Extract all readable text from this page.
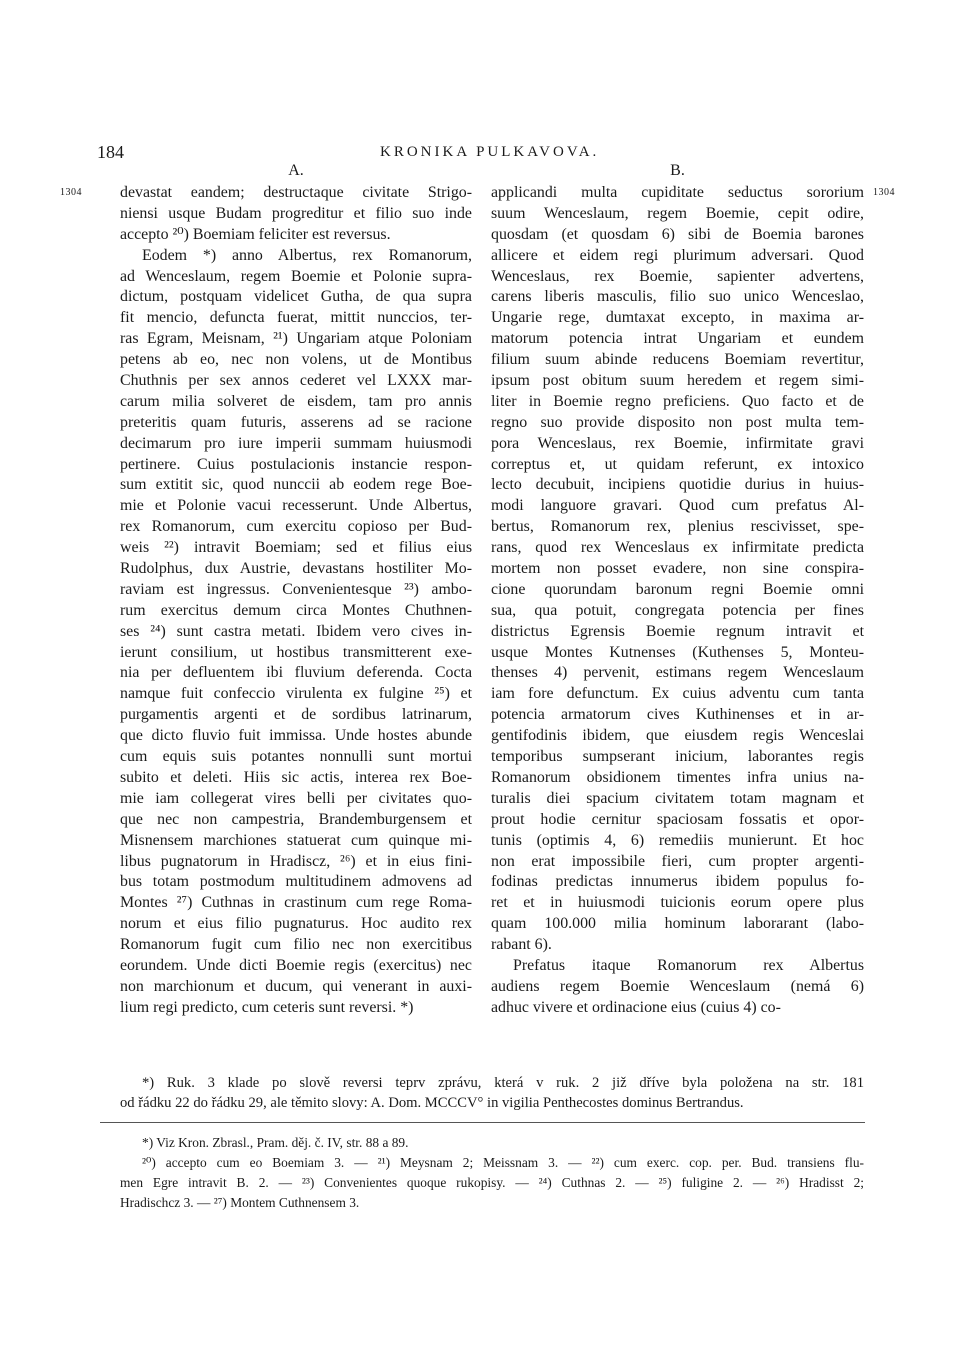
184	KRONIKA PULKAVOVA.
1304	1304
A.
devastat eandem; destructaque civitate Strigo-
niensi usque Budam progreditur et filio suo inde
accepto ²⁰) Boemiam feliciter est reversus.
Eodem *) anno Albertus, rex Romanorum,
ad Wenceslaum, regem Boemie et Polonie supra-
dictum, postquam videlicet Gutha, de qua supra
fit mencio, defuncta fuerat, mittit nunccios, ter-
ras Egram, Meisnam, ²¹) Ungariam atque Poloniam
petens ab eo, nec non volens, ut de Montibus
Chuthnis per sex annos cederet vel LXXX mar-
carum milia solveret de eisdem, tam pro annis
preteritis quam futuris, asserens ad se racione
decimarum pro iure imperii summam huiusmodi
pertinere. Cuius postulacionis instancie respon-
sum extitit sic, quod nunccii ab eodem rege Boe-
mie et Polonie vacui recesserunt. Unde Albertus,
rex Romanorum, cum exercitu copioso per Bud-
weis ²²) intravit Boemiam; sed et filius eius
Rudolphus, dux Austrie, devastans hostiliter Mo-
raviam est ingressus. Convenientesque ²³) ambo-
rum exercitus demum circa Montes Chuthnen-
ses ²⁴) sunt castra metati. Ibidem vero cives in-
ierunt consilium, ut hostibus transmitterent exe-
nia per defluentem ibi fluvium deferenda. Cocta
namque fuit confeccio virulenta ex fulgine ²⁵) et
purgamentis argenti et de sordibus latrinarum,
que dicto fluvio fuit immissa. Unde hostes abunde
cum equis suis potantes nonnulli sunt mortui
subito et deleti. Hiis sic actis, interea rex Boe-
mie iam collegerat vires belli per civitates quo-
que nec non campestria, Brandemburgensem et
Misnensem marchiones statuerat cum quinque mi-
libus pugnatorum in Hradiscz, ²⁶) et in eius fini-
bus totam postmodum multitudinem admovens ad
Montes ²⁷) Cuthnas in crastinum cum rege Roma-
norum et eius filio pugnaturus. Hoc audito rex
Romanorum fugit cum filio nec non exercitibus
eorundem. Unde dicti Boemie regis (exercitus) nec
non marchionum et ducum, qui venerant in auxi-
lium regi predicto, cum ceteris sunt reversi. *)
B.
applicandi multa cupiditate seductus sororium
suum Wenceslaum, regem Boemie, cepit odire,
quosdam (et quosdam 6) sibi de Boemia barones
allicere et eidem regi plurimum adversari. Quod
Wenceslaus, rex Boemie, sapienter advertens,
carens liberis masculis, filio suo unico Wenceslao,
Ungarie rege, dumtaxat excepto, in maxima ar-
matorum potencia intrat Ungariam et eundem
filium suum abinde reducens Boemiam revertitur,
ipsum post obitum suum heredem et regem simi-
liter in Boemie regno preficiens. Quo facto et de
regno suo provide disposito non post multa tem-
pora Wenceslaus, rex Boemie, infirmitate gravi
correptus et, ut quidam referunt, ex intoxico
lecto decubuit, incipiens quotidie durius in huius-
modi languore gravari. Quod cum prefatus Al-
bertus, Romanorum rex, plenius rescivisset, spe-
rans, quod rex Wenceslaus ex infirmitate predicta
mortem non posset evadere, non sine conspira-
cione quorundam baronum regni Boemie omni
sua, qua potuit, congregata potencia per fines
districtus Egrensis Boemie regnum intravit et
usque Montes Kutnenses (Kuthenses 5, Monteu-
thenses 4) pervenit, estimans regem Wenceslaum
iam fore defunctum. Ex cuius adventu cum tanta
potencia armatorum cives Kuthinenses et in ar-
gentifodinis ibidem, que eiusdem regis Wenceslai
temporibus sumpserant inicium, laborantes regis
Romanorum obsidionem timentes infra unius na-
turalis diei spacium civitatem totam magnam et
prout hodie cernitur spaciosam fossatis et opor-
tunis (optimis 4, 6) remediis munierunt. Et hoc
non erat impossibile fieri, cum propter argenti-
fodinas predictas innumerus ibidem populus fo-
ret et in huiusmodi tuicionis eorum opere plus
quam 100.000 milia hominum laborarant (labo-
rabant 6).
Prefatus itaque Romanorum rex Albertus
audiens regem Boemie Wenceslaum (nemá 6)
adhuc vivere et ordinacione eius (cuius 4) co-
*) Ruk. 3 klade po slově reversi teprv zprávu, která v ruk. 2 již dříve byla položena na str. 181
od řádku 22 do řádku 29, ale těmito slovy: A. Dom. MCCCV° in vigilia Penthecostes dominus Bertrandus.
*) Viz Kron. Zbrasl., Pram. děj. č. IV, str. 88 a 89.
²⁰) accepto cum eo Boemiam 3. — ²¹) Meysnam 2; Meissnam 3. — ²²) cum exerc. cop. per. Bud. transiens flu-
men Egre intravit B. 2. — ²³) Convenientes quoque rukopisy. — ²⁴) Cuthnas 2. — ²⁵) fuligine 2. — ²⁶) Hradisst 2;
Hradischcz 3. — ²⁷) Montem Cuthnensem 3.
